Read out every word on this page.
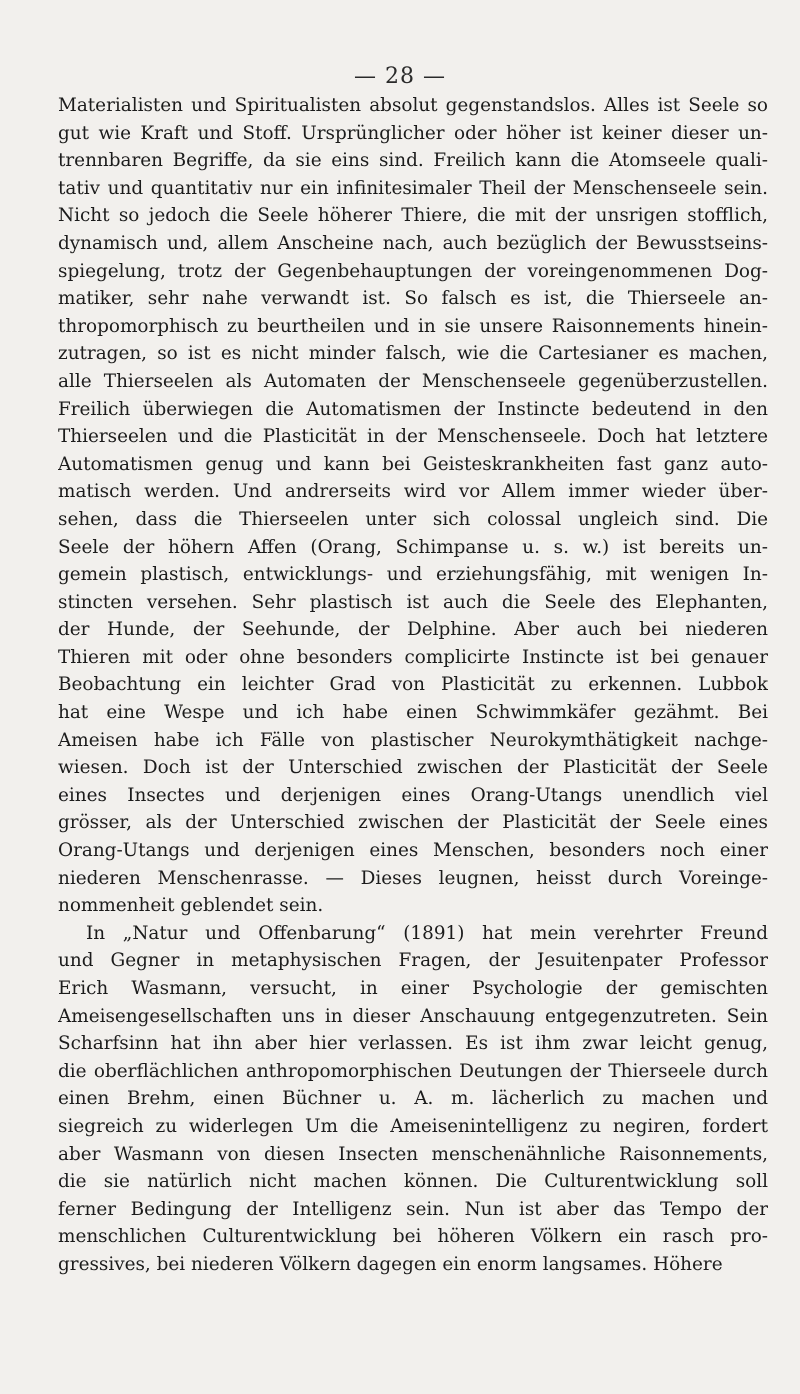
— 28 —
Materialisten und Spiritualisten absolut gegenstandslos. Alles ist Seele so
gut wie Kraft und Stoff. Ursprünglicher oder höher ist keiner dieser un-
trennbaren Begriffe, da sie eins sind. Freilich kann die Atomseele quali-
tativ und quantitativ nur ein infinitesimaler Theil der Menschenseele sein.
Nicht so jedoch die Seele höherer Thiere, die mit der unsrigen stofflich,
dynamisch und, allem Anscheine nach, auch bezüglich der Bewusstseins-
spiegelung, trotz der Gegenbehauptungen der voreingenommenen Dog-
matiker, sehr nahe verwandt ist. So falsch es ist, die Thierseele an-
thropomorphisch zu beurtheilen und in sie unsere Raisonnements hinein-
zutragen, so ist es nicht minder falsch, wie die Cartesianer es machen,
alle Thierseelen als Automaten der Menschenseele gegenüberzustellen.
Freilich überwiegen die Automatismen der Instincte bedeutend in den
Thierseelen und die Plasticität in der Menschenseele. Doch hat letztere
Automatismen genug und kann bei Geisteskrankheiten fast ganz auto-
matisch werden. Und andrerseits wird vor Allem immer wieder über-
sehen, dass die Thierseelen unter sich colossal ungleich sind. Die
Seele der höhern Affen (Orang, Schimpanse u. s. w.) ist bereits un-
gemein plastisch, entwicklungs- und erziehungsfähig, mit wenigen In-
stincten versehen. Sehr plastisch ist auch die Seele des Elephanten,
der Hunde, der Seehunde, der Delphine. Aber auch bei niederen
Thieren mit oder ohne besonders complicirte Instincte ist bei genauer
Beobachtung ein leichter Grad von Plasticität zu erkennen. Lubbok
hat eine Wespe und ich habe einen Schwimmkäfer gezähmt. Bei
Ameisen habe ich Fälle von plastischer Neurokymthätigkeit nachge-
wiesen. Doch ist der Unterschied zwischen der Plasticität der Seele
eines Insectes und derjenigen eines Orang-Utangs unendlich viel
grösser, als der Unterschied zwischen der Plasticität der Seele eines
Orang-Utangs und derjenigen eines Menschen, besonders noch einer
niederen Menschenrasse. — Dieses leugnen, heisst durch Voreinge-
nommenheit geblendet sein.
In „Natur und Offenbarung“ (1891) hat mein verehrter Freund
und Gegner in metaphysischen Fragen, der Jesuitenpater Professor
Erich Wasmann, versucht, in einer Psychologie der gemischten
Ameisengesellschaften uns in dieser Anschauung entgegenzutreten. Sein
Scharfsinn hat ihn aber hier verlassen. Es ist ihm zwar leicht genug,
die oberflächlichen anthropomorphischen Deutungen der Thierseele durch
einen Brehm, einen Büchner u. A. m. lächerlich zu machen und
siegreich zu widerlegen Um die Ameisenintelligenz zu negiren, fordert
aber Wasmann von diesen Insecten menschenähnliche Raisonnements,
die sie natürlich nicht machen können. Die Culturentwicklung soll
ferner Bedingung der Intelligenz sein. Nun ist aber das Tempo der
menschlichen Culturentwicklung bei höheren Völkern ein rasch pro-
gressives, bei niederen Völkern dagegen ein enorm langsames. Höhere
